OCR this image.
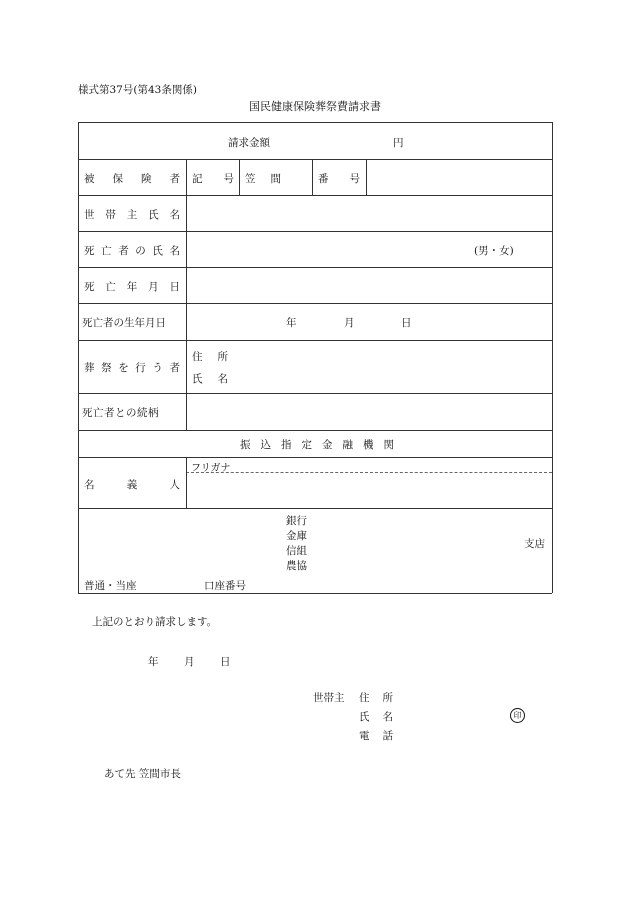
様式第37号(第43条関係)
国民健康保険葬祭費請求書
請求金額	円
被 保 険 者 記 号 笠 間	番 号
世 帯 主 氏 名
死 亡 者 の 氏 名	(男・女)
死 亡 年 月 日
死亡者の生年月日	年	月	日
葬 祭 を 行 う 者
住 所
氏 名
死亡者との続柄
振 込 指 定 金 融 機 関
名	義	人
フリガナ
銀行
金庫
信組
農協
支店
普通・当座	口座番号
上記のとおり請求します。
年 月 日
世帯主 住 所
氏 名	印
電 話
あて先 笠間市長
